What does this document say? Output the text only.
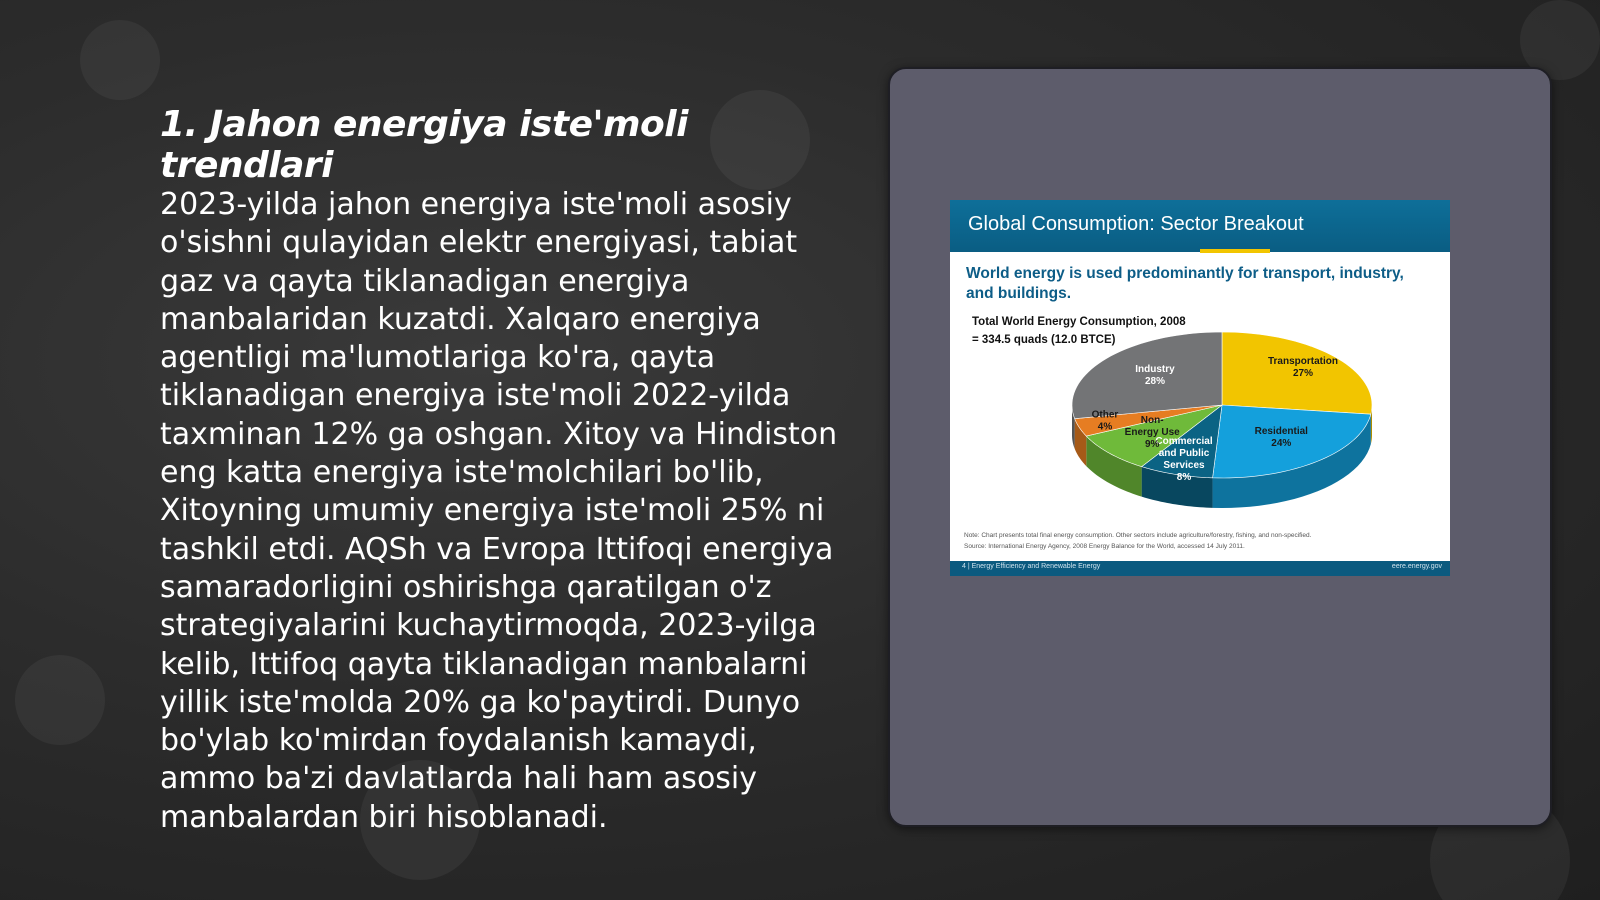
1. Jahon energiya iste'moli trendlari

2023-yilda jahon energiya iste'moli asosiy o'sishni qulayidan elektr energiyasi, tabiat gaz va qayta tiklanadigan energiya manbalaridan kuzatdi. Xalqaro energiya agentligi ma'lumotlariga ko'ra, qayta tiklanadigan energiya iste'moli 2022-yilda taxminan 12% ga oshgan. Xitoy va Hindiston eng katta energiya iste'molchilari bo'lib, Xitoyning umumiy energiya iste'moli 25% ni tashkil etdi. AQSh va Evropa Ittifoqi energiya samaradorligini oshirishga qaratilgan o'z strategiyalarini kuchaytirmoqda, 2023-yilga kelib, Ittifoq qayta tiklanadigan manbalarni yillik iste'molda 20% ga ko'paytirdi. Dunyo bo'ylab ko'mirdan foydalanish kamaydi, ammo ba'zi davlatlarda hali ham asosiy manbalardan biri hisoblanadi.

Global Consumption: Sector Breakout
World energy is used predominantly for transport, industry, and buildings.
Total World Energy Consumption, 2008
= 334.5 quads (12.0 BTCE)
Transportation 27%
Residential 24%
Commercial and Public Services 8%
Non-Energy Use 9%
Other 4%
Industry 28%
Note: Chart presents total final energy consumption. Other sectors include agriculture/forestry, fishing, and non-specified.
Source: International Energy Agency, 2008 Energy Balance for the World, accessed 14 July 2011.
4 | Energy Efficiency and Renewable Energy	eere.energy.gov
